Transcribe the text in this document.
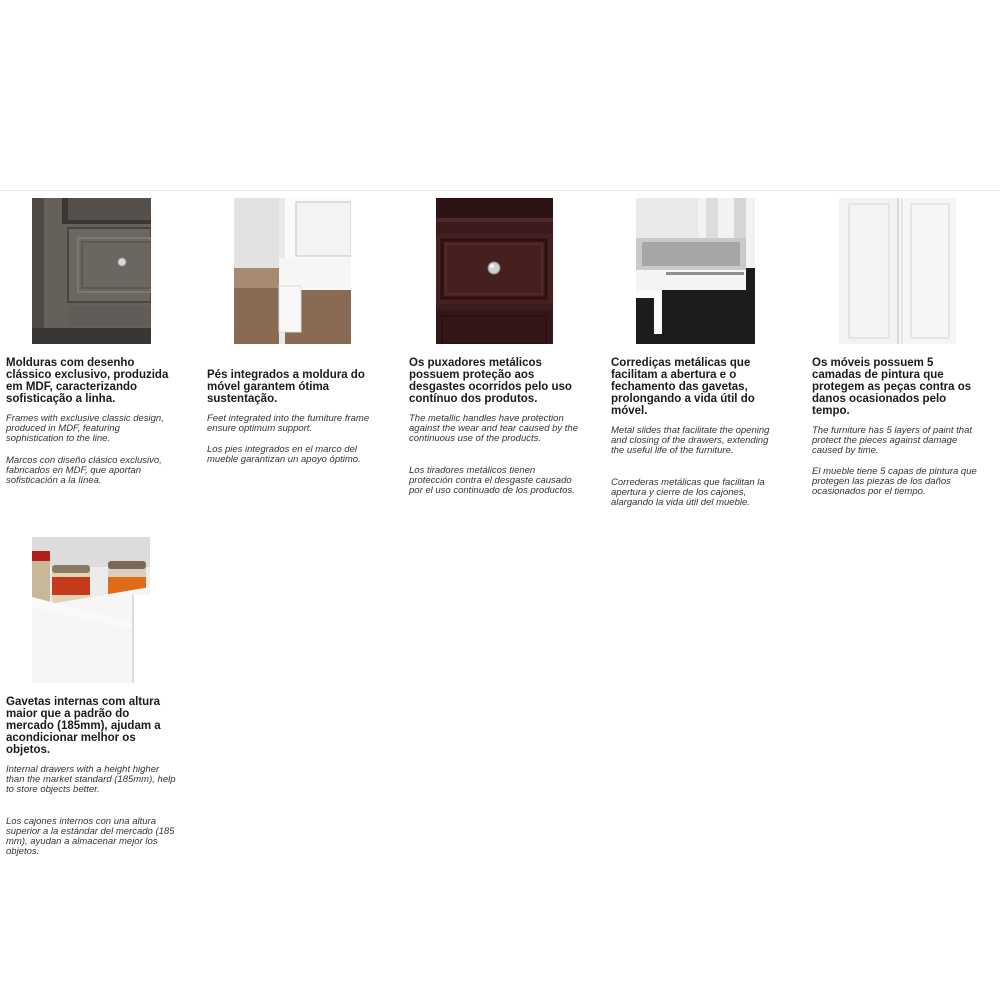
Molduras com desenho clássico exclusivo, produzida em MDF, caracterizando sofisticação a linha.
Frames with exclusive classic design, produced in MDF, featuring sophistication to the line.
Marcos con diseño clásico exclusivo, fabricados en MDF, que aportan sofisticación a la línea.
Pés integrados a moldura do móvel garantem ótima sustentação.
Feet integrated into the furniture frame ensure optimum support.
Los pies integrados en el marco del mueble garantizan un apoyo óptimo.
Os puxadores metálicos possuem proteção aos desgastes ocorridos pelo uso contínuo dos produtos.
The metallic handles have protection against the wear and tear caused by the continuous use of the products.
Los tiradores metálicos tienen protección contra el desgaste causado por el uso continuado de los productos.
Corrediças metálicas que facilitam a abertura e o fechamento das gavetas, prolongando a vida útil do móvel.
Metal slides that facilitate the opening and closing of the drawers, extending the useful life of the furniture.
Correderas metálicas que facilitan la apertura y cierre de los cajones, alargando la vida útil del mueble.
Os móveis possuem 5 camadas de pintura que protegem as peças contra os danos ocasionados pelo tempo.
The furniture has 5 layers of paint that protect the pieces against damage caused by time.
El mueble tiene 5 capas de pintura que protegen las piezas de los daños ocasionados por el tiempo.
Gavetas internas com altura maior que a padrão do mercado (185mm), ajudam a acondicionar melhor os objetos.
Internal drawers with a height higher than the market standard (185mm), help to store objects better.
Los cajones internos con una altura superior a la estándar del mercado (185 mm), ayudan a almacenar mejor los objetos.
